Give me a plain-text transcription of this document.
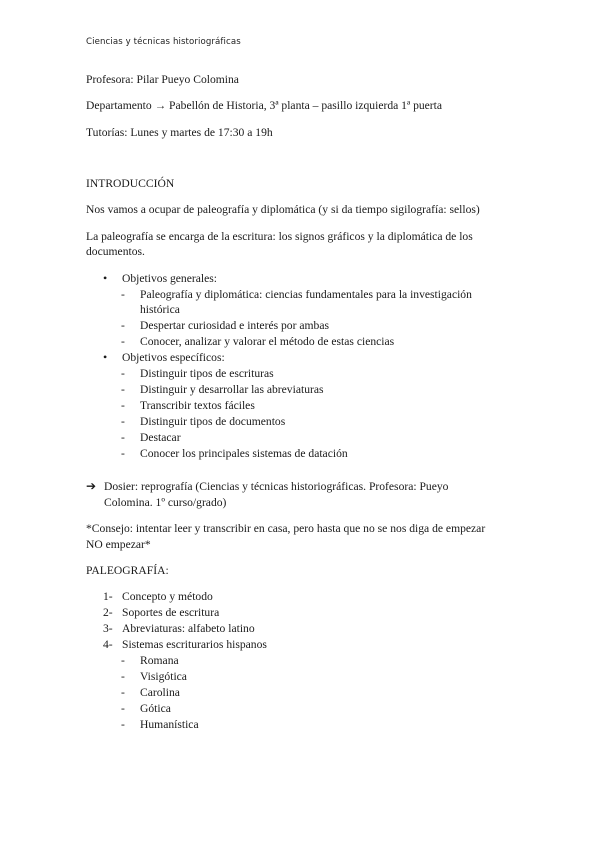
Ciencias y técnicas historiográficas
Profesora: Pilar Pueyo Colomina
Departamento → Pabellón de Historia, 3ª planta – pasillo izquierda 1ª puerta
Tutorías: Lunes y martes de 17:30 a 19h
INTRODUCCIÓN
Nos vamos a ocupar de paleografía y diplomática (y si da tiempo sigilografía: sellos)
La paleografía se encarga de la escritura: los signos gráficos y la diplomática de los
documentos.
• Objetivos generales:
- Paleografía y diplomática: ciencias fundamentales para la investigación
histórica
- Despertar curiosidad e interés por ambas
- Conocer, analizar y valorar el método de estas ciencias
• Objetivos específicos:
- Distinguir tipos de escrituras
- Distinguir y desarrollar las abreviaturas
- Transcribir textos fáciles
- Distinguir tipos de documentos
- Destacar
- Conocer los principales sistemas de datación
➔ Dosier: reprografía (Ciencias y técnicas historiográficas. Profesora: Pueyo
Colomina. 1º curso/grado)
*Consejo: intentar leer y transcribir en casa, pero hasta que no se nos diga de empezar
NO empezar*
PALEOGRAFÍA:
1- Concepto y método
2- Soportes de escritura
3- Abreviaturas: alfabeto latino
4- Sistemas escriturarios hispanos
- Romana
- Visigótica
- Carolina
- Gótica
- Humanística
